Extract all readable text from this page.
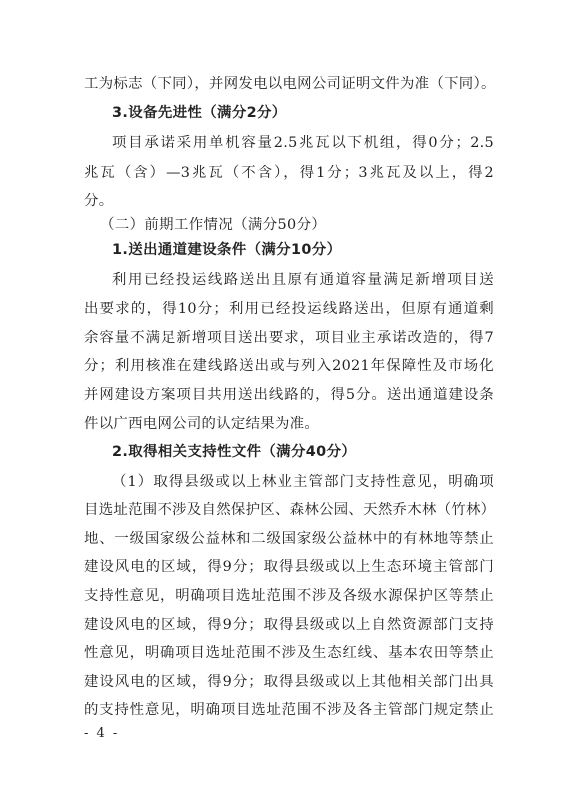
工为标志（下同），并网发电以电网公司证明文件为准（下同）。
3.设备先进性（满分2分）
项目承诺采用单机容量2.5兆瓦以下机组，得0分；2.5
兆瓦（含）—3兆瓦（不含），得1分；3兆瓦及以上，得2
分。
（二）前期工作情况（满分50分）
1.送出通道建设条件（满分10分）
利用已经投运线路送出且原有通道容量满足新增项目送
出要求的，得10分；利用已经投运线路送出，但原有通道剩
余容量不满足新增项目送出要求，项目业主承诺改造的，得7
分；利用核准在建线路送出或与列入2021年保障性及市场化
并网建设方案项目共用送出线路的，得5分。送出通道建设条
件以广西电网公司的认定结果为准。
2.取得相关支持性文件（满分40分）
（1）取得县级或以上林业主管部门支持性意见，明确项
目选址范围不涉及自然保护区、森林公园、天然乔木林（竹林）
地、一级国家级公益林和二级国家级公益林中的有林地等禁止
建设风电的区域，得9分；取得县级或以上生态环境主管部门
支持性意见，明确项目选址范围不涉及各级水源保护区等禁止
建设风电的区域，得9分；取得县级或以上自然资源部门支持
性意见，明确项目选址范围不涉及生态红线、基本农田等禁止
建设风电的区域，得9分；取得县级或以上其他相关部门出具
的支持性意见，明确项目选址范围不涉及各主管部门规定禁止
- 4 -
